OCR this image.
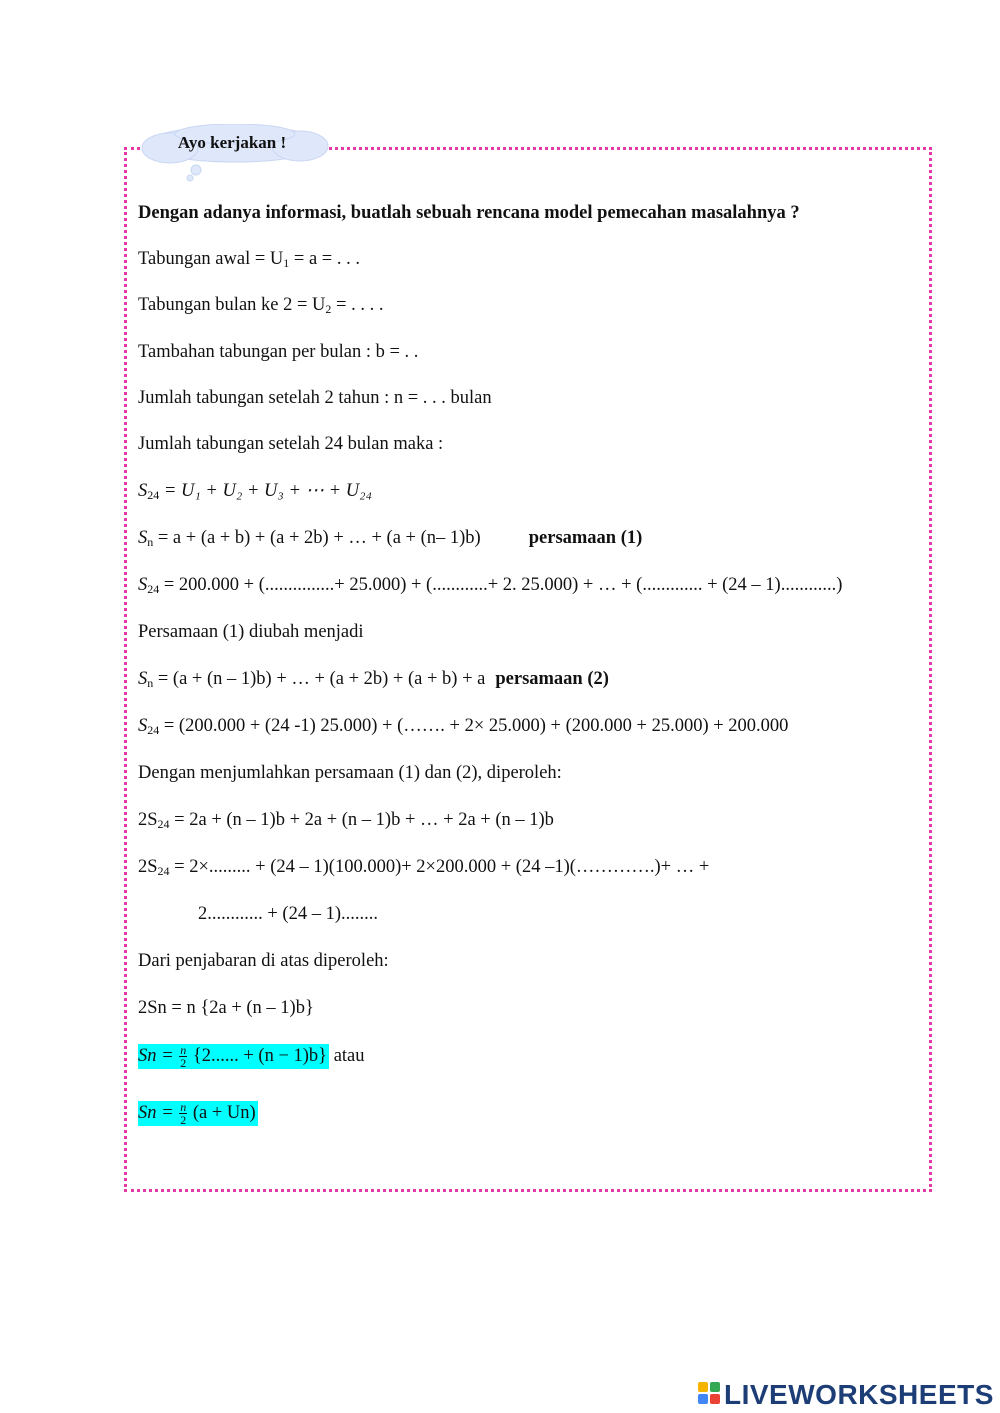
Ayo kerjakan !
Dengan adanya informasi, buatlah sebuah rencana model pemecahan masalahnya ?
Tabungan awal = $U_1 = a$ = . . .
Tabungan bulan ke $2 = U_2$ = . . . .
Tambahan tabungan per bulan : b = . .
Jumlah tabungan setelah 2 tahun : n = . . . bulan
Jumlah tabungan setelah 24 bulan maka :
$S_{24} = U_1 + U_2 + U_3$ + ⋯ + U₂₄
$S_n = a + (a + b) + (a + 2b)$ + … + (a + (n– 1)b)	persamaan (1)
$S_{24} = 200.000$ + (...............+ 25.000) + (............+ 2. 25.000) + … + (............. + (24 – 1)............)
Persamaan (1) diubah menjadi
$S_n = (a + (n - 1)b)$ + … + (a + 2b) + (a + b) + a persamaan (2)
$S_{24} = (200.000 + (24$ -1) 25.000) + (……. + 2× 25.000) + (200.000 + 25.000) + 200.000
Dengan menjumlahkan persamaan (1) dan (2), diperoleh:
$2S_{24} = 2a + (n - 1)b + 2a + (n - 1)b$ + … + 2a + (n – 1)b
$2S_{24} = 2\times$......... + (24 – 1)(100.000)+ 2×200.000 + (24 –1)(………….)+ … +
2............ + (24 – 1)........
Dari penjabaran di atas diperoleh:
2Sn = n {2a + (n – 1)b}
$Sn = \frac{n}{2} \{2$...... + (n − 1)b} atau
$Sn = \frac{n}{2} (a + Un)$
LIVEWORKSHEETS
